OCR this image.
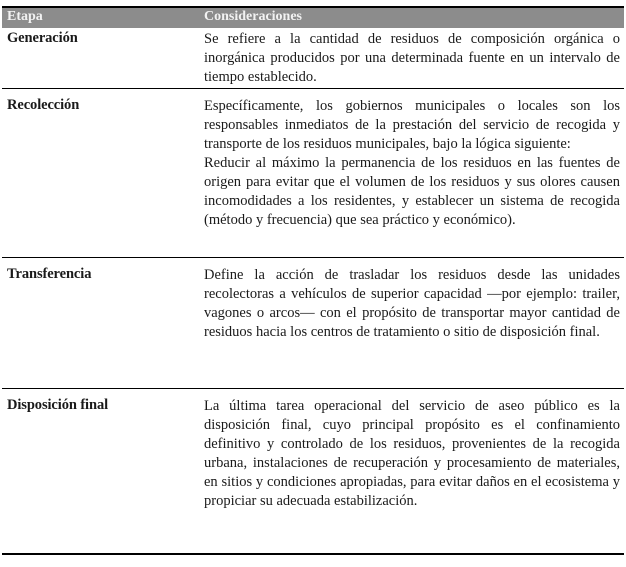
Etapa	Consideraciones
Generación	Se refiere a la cantidad de residuos de composición orgánica o inorgánica producidos por una determinada fuente en un intervalo de tiempo establecido.

Recolección	Específicamente, los gobiernos municipales o locales son los responsables inmediatos de la prestación del servicio de recogida y transporte de los residuos municipales, bajo la lógica siguiente:

Reducir al máximo la permanencia de los residuos en las fuentes de origen para evitar que el volumen de los residuos y sus olores causen incomodidades a los residentes, y establecer un sistema de recogida (método y frecuencia) que sea práctico y económico).

Transferencia	Define la acción de trasladar los residuos desde las unidades recolectoras a vehículos de superior capacidad —por ejemplo: trailer, vagones o arcos— con el propósito de transportar mayor cantidad de residuos hacia los centros de tratamiento o sitio de disposición final.

Disposición final	La última tarea operacional del servicio de aseo público es la disposición final, cuyo principal propósito es el confinamiento definitivo y controlado de los residuos, provenientes de la recogida urbana, instalaciones de recuperación y procesamiento de materiales, en sitios y condiciones apropiadas, para evitar daños en el ecosistema y propiciar su adecuada estabilización.
